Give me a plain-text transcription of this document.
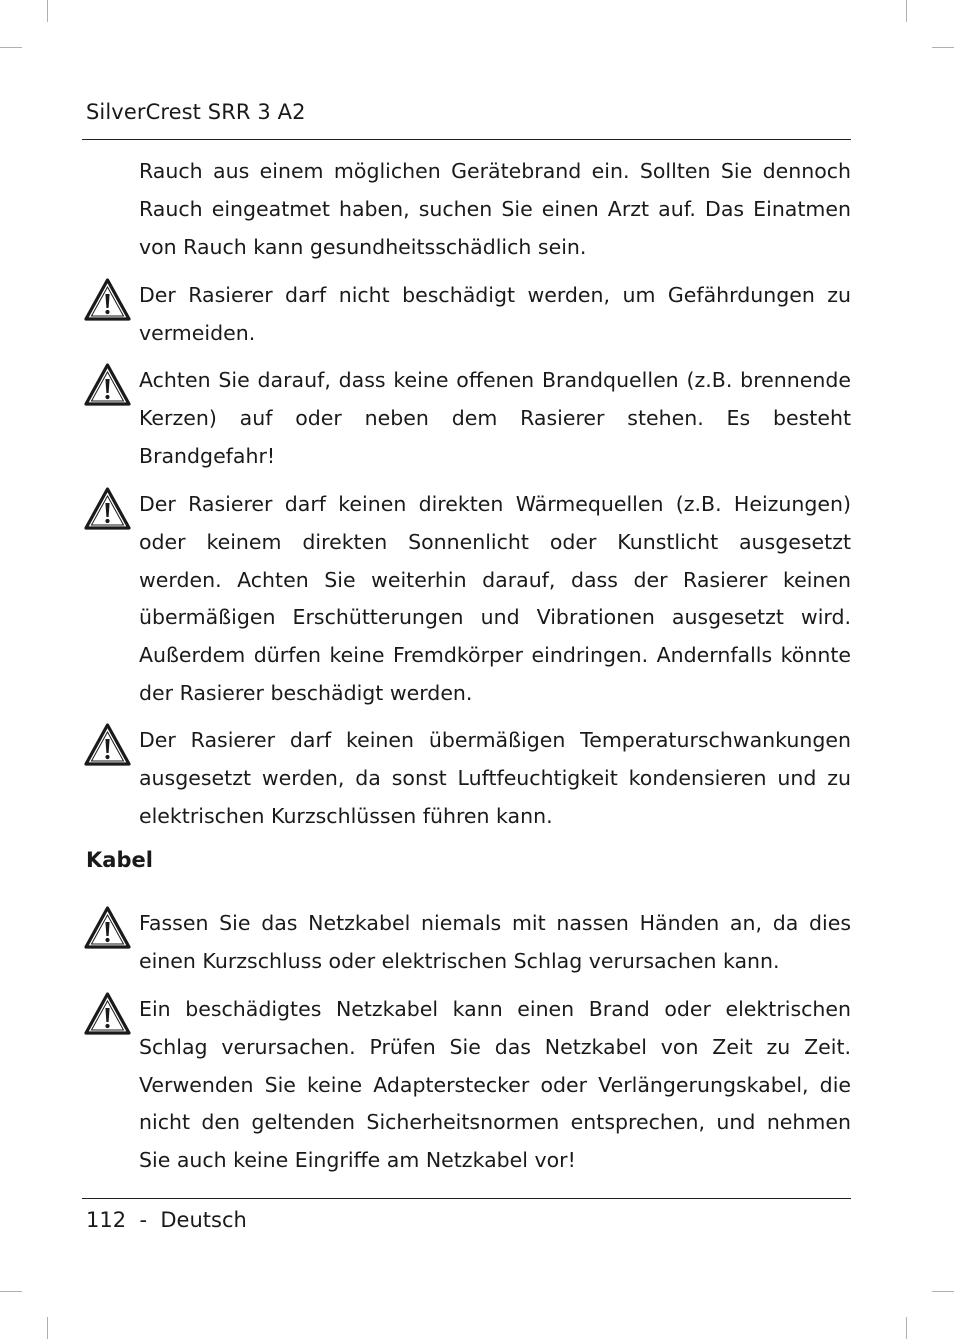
SilverCrest SRR 3 A2

Rauch aus einem möglichen Gerätebrand ein. Sollten Sie dennoch Rauch eingeatmet haben, suchen Sie einen Arzt auf. Das Einatmen von Rauch kann gesundheitsschädlich sein.

Der Rasierer darf nicht beschädigt werden, um Gefährdungen zu vermeiden.

Achten Sie darauf, dass keine offenen Brandquellen (z.B. brennende Kerzen) auf oder neben dem Rasierer stehen. Es besteht Brandgefahr!

Der Rasierer darf keinen direkten Wärmequellen (z.B. Heizungen) oder keinem direkten Sonnenlicht oder Kunstlicht ausgesetzt werden. Achten Sie weiterhin darauf, dass der Rasierer keinen übermäßigen Erschütterungen und Vibrationen ausgesetzt wird. Außerdem dürfen keine Fremdkörper eindringen. Andernfalls könnte der Rasierer beschädigt werden.

Der Rasierer darf keinen übermäßigen Temperaturschwankungen ausgesetzt werden, da sonst Luftfeuchtigkeit kondensieren und zu elektrischen Kurzschlüssen führen kann.

Kabel

Fassen Sie das Netzkabel niemals mit nassen Händen an, da dies einen Kurzschluss oder elektrischen Schlag verursachen kann.

Ein beschädigtes Netzkabel kann einen Brand oder elektrischen Schlag verursachen. Prüfen Sie das Netzkabel von Zeit zu Zeit. Verwenden Sie keine Adapterstecker oder Verlängerungskabel, die nicht den geltenden Sicherheitsnormen entsprechen, und nehmen Sie auch keine Eingriffe am Netzkabel vor!

112 - Deutsch
